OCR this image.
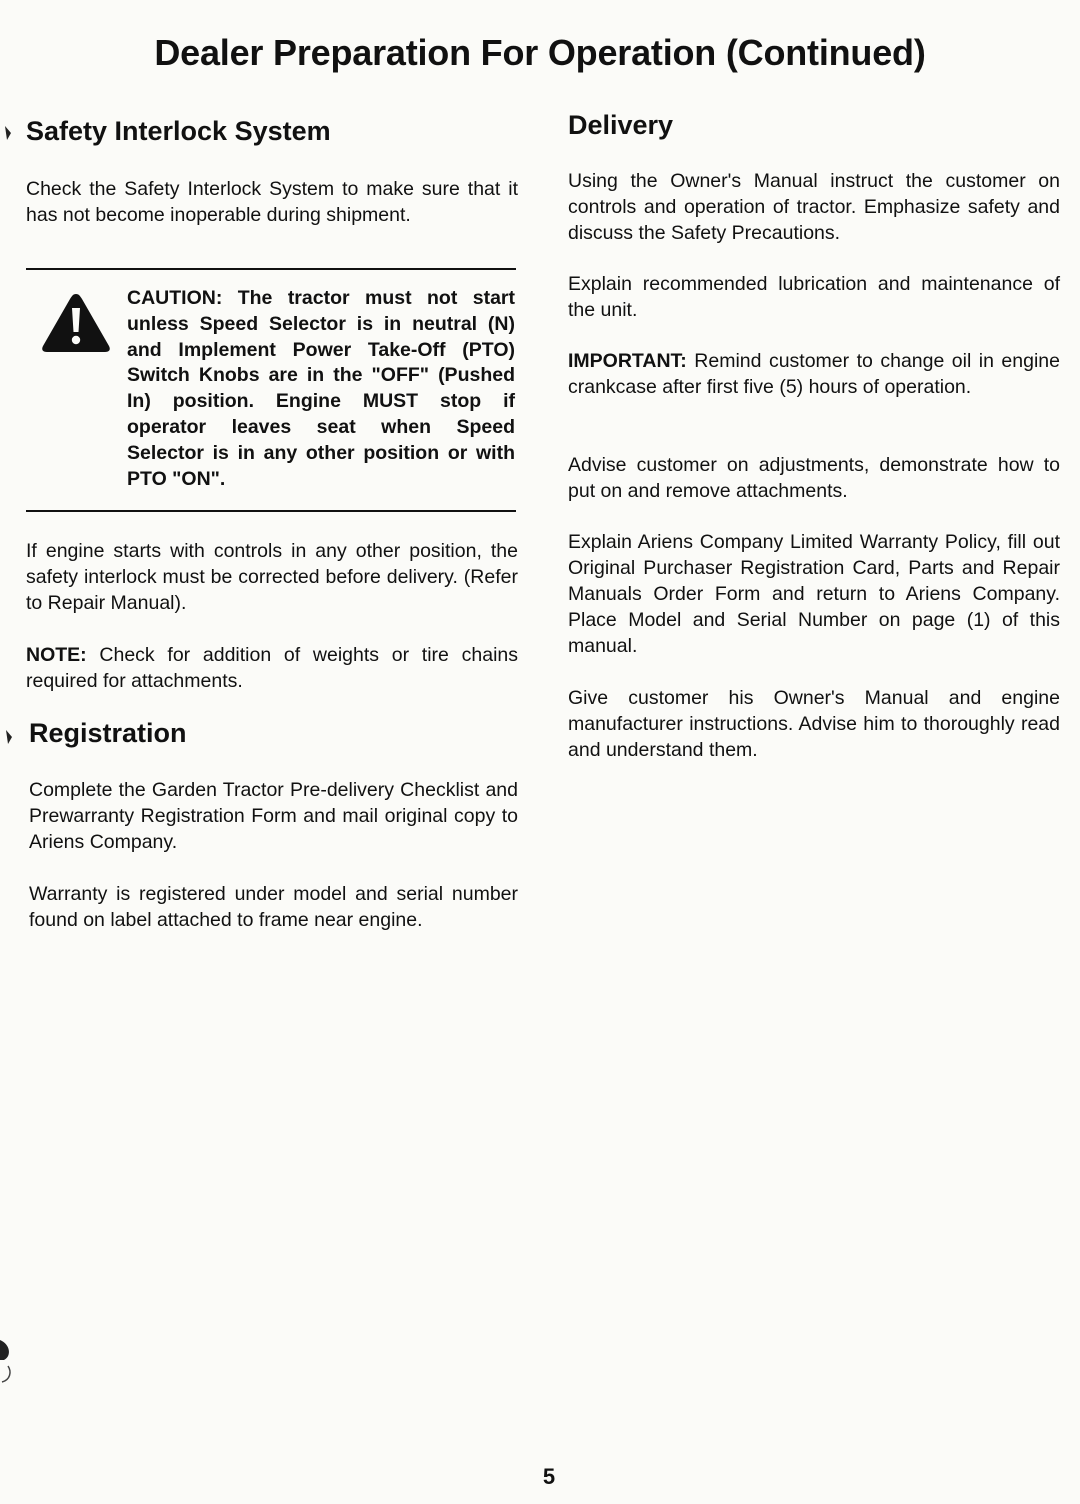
Dealer Preparation For Operation (Continued)
Safety Interlock System

Check the Safety Interlock System to make sure that it has not become inoperable during shipment.

CAUTION: The tractor must not start unless Speed Selector is in neutral (N) and Implement Power Take-Off (PTO) Switch Knobs are in the "OFF" (Pushed In) position. Engine MUST stop if operator leaves seat when Speed Selector is in any other position or with PTO "ON".

If engine starts with controls in any other position, the safety interlock must be corrected before delivery. (Refer to Repair Manual).

NOTE: Check for addition of weights or tire chains required for attachments.

Registration

Complete the Garden Tractor Pre-delivery Checklist and Prewarranty Registration Form and mail original copy to Ariens Company.

Warranty is registered under model and serial number found on label attached to frame near engine.

Delivery

Using the Owner's Manual instruct the customer on controls and operation of tractor. Emphasize safety and discuss the Safety Precautions.

Explain recommended lubrication and maintenance of the unit.

IMPORTANT: Remind customer to change oil in engine crankcase after first five (5) hours of operation.

Advise customer on adjustments, demonstrate how to put on and remove attachments.

Explain Ariens Company Limited Warranty Policy, fill out Original Purchaser Registration Card, Parts and Repair Manuals Order Form and return to Ariens Company. Place Model and Serial Number on page (1) of this manual.

Give customer his Owner's Manual and engine manufacturer instructions. Advise him to thoroughly read and understand them.

5
